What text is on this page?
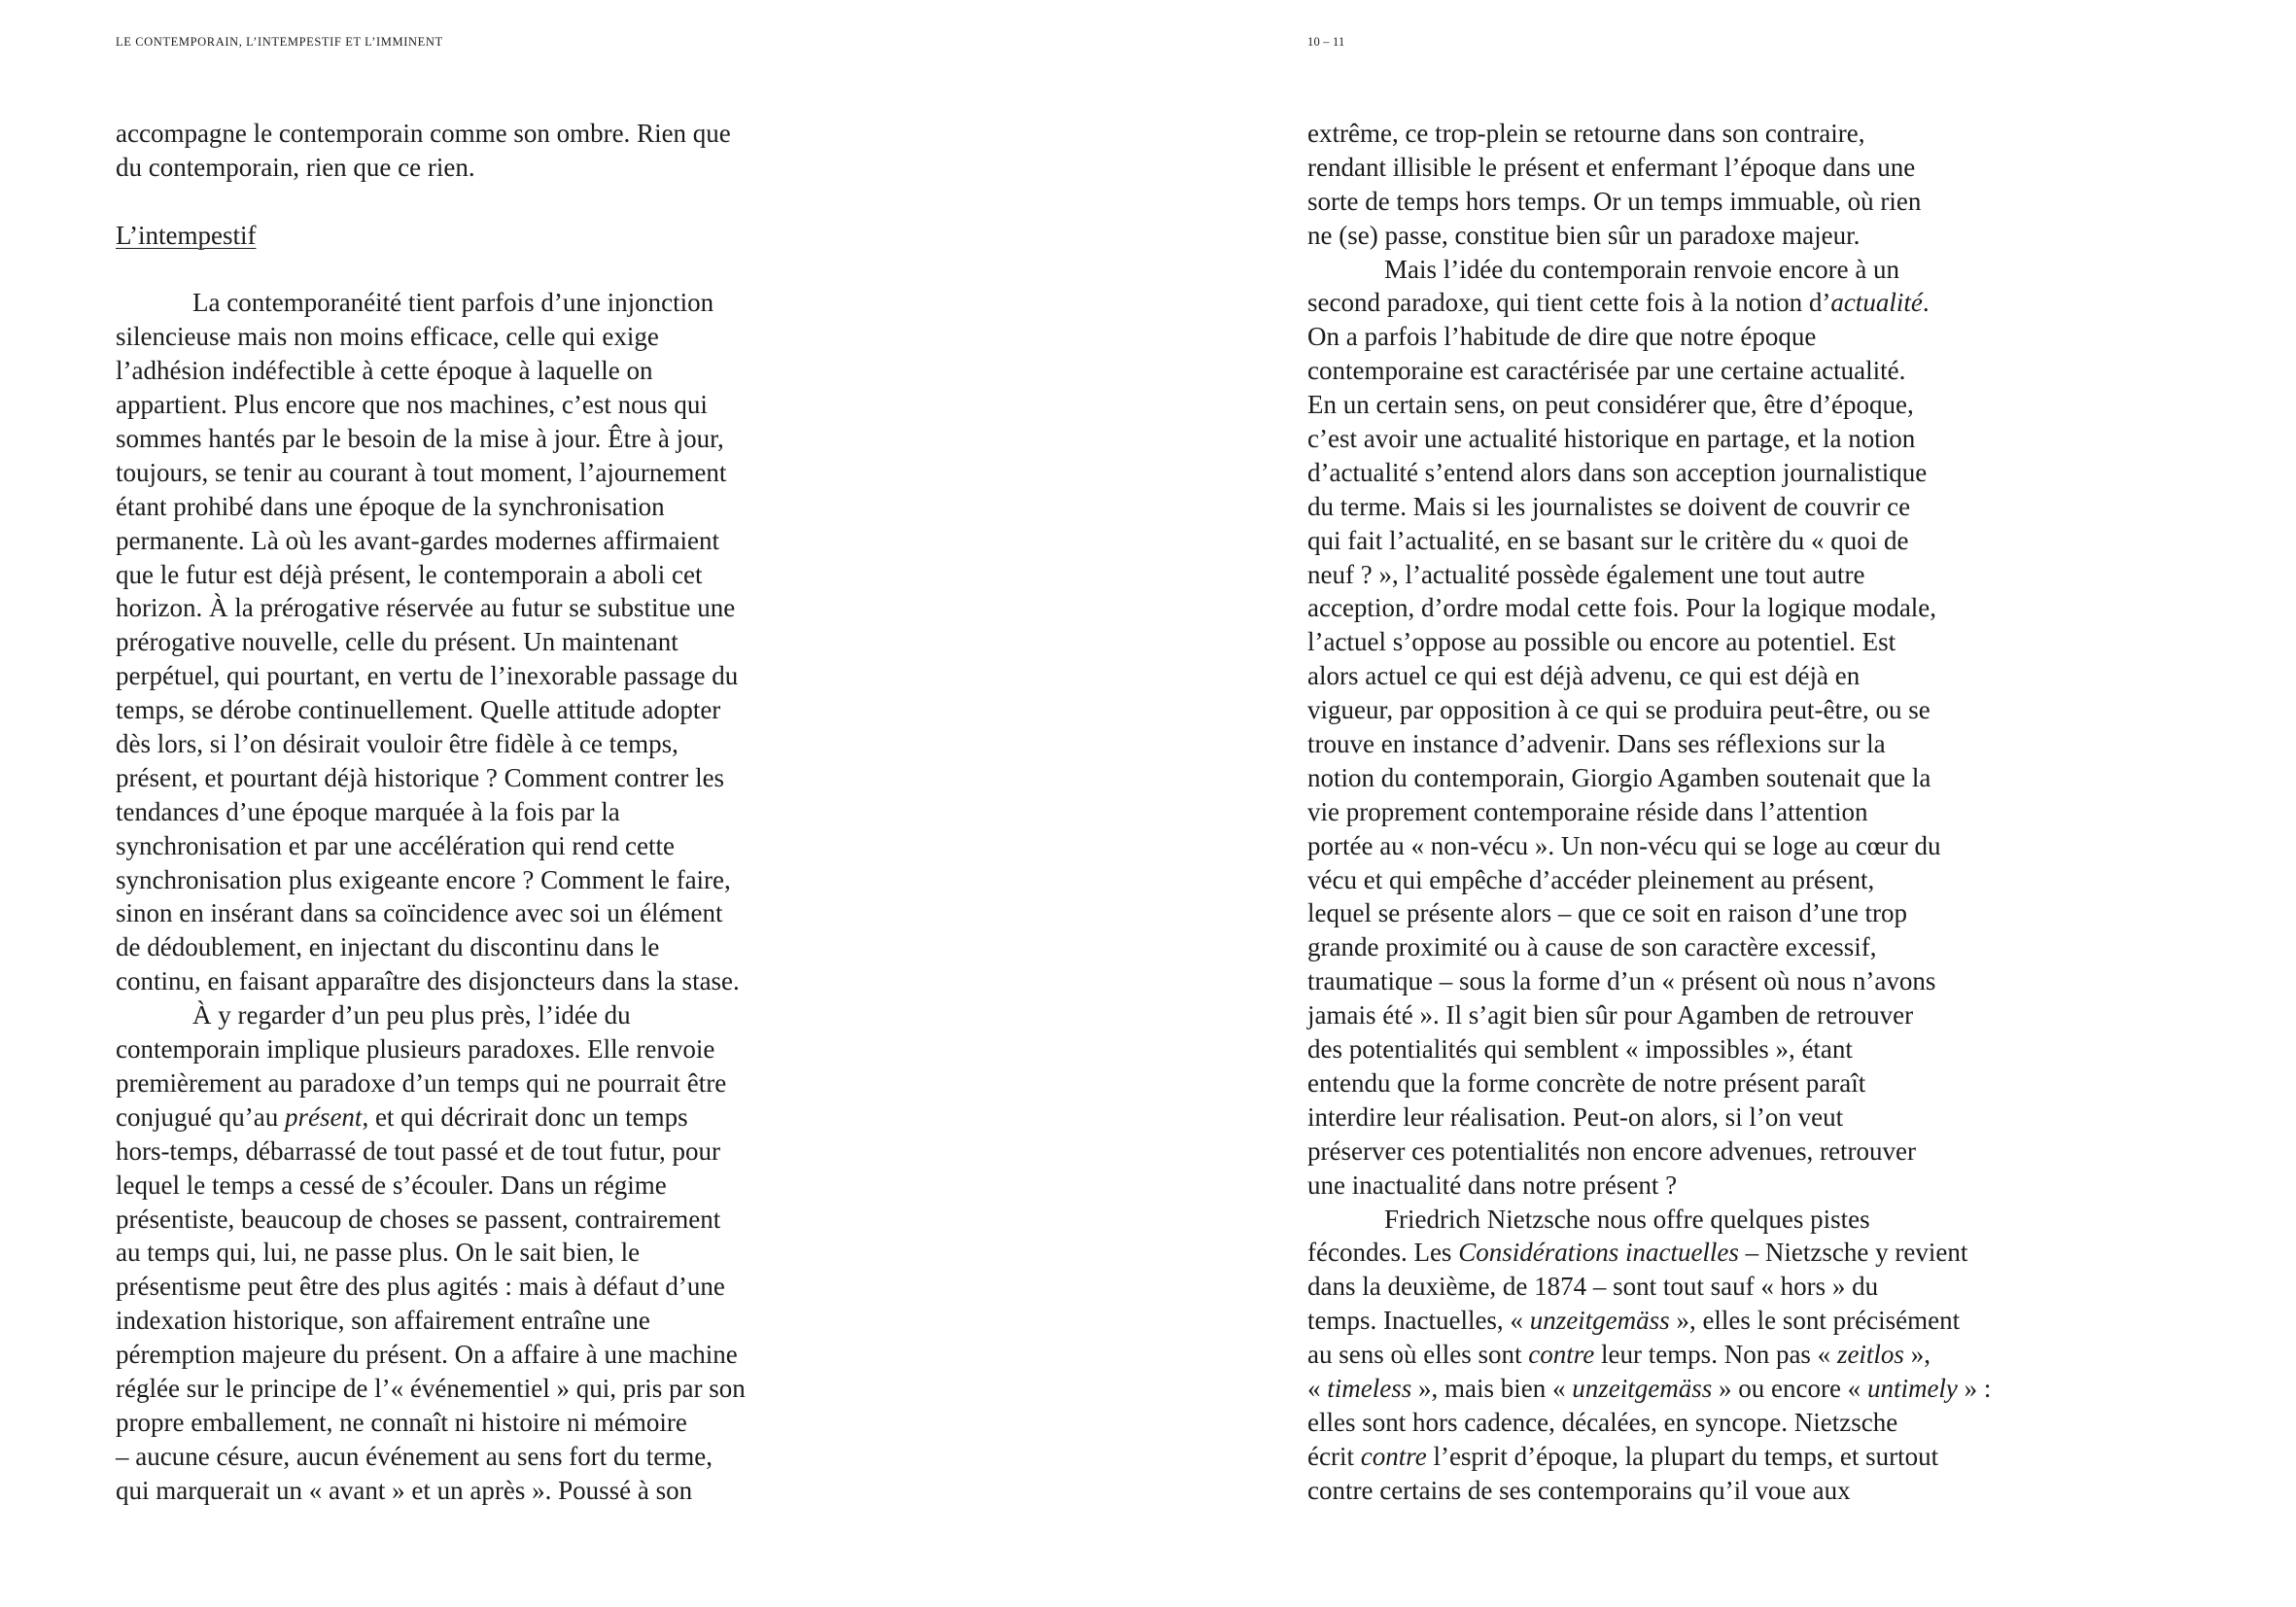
LE CONTEMPORAIN, L’INTEMPESTIF ET L’IMMINENT	10 – 11
accompagne le contemporain comme son ombre. Rien que
du contemporain, rien que ce rien.
L’intempestif
La contemporanéité tient parfois d’une injonction
silencieuse mais non moins efficace, celle qui exige
l’adhésion indéfectible à cette époque à laquelle on
appartient. Plus encore que nos machines, c’est nous qui
sommes hantés par le besoin de la mise à jour. Être à jour,
toujours, se tenir au courant à tout moment, l’ajournement
étant prohibé dans une époque de la synchronisation
permanente. Là où les avant-gardes modernes affirmaient
que le futur est déjà présent, le contemporain a aboli cet
horizon. À la prérogative réservée au futur se substitue une
prérogative nouvelle, celle du présent. Un maintenant
perpétuel, qui pourtant, en vertu de l’inexorable passage du
temps, se dérobe continuellement. Quelle attitude adopter
dès lors, si l’on désirait vouloir être fidèle à ce temps,
présent, et pourtant déjà historique ? Comment contrer les
tendances d’une époque marquée à la fois par la
synchronisation et par une accélération qui rend cette
synchronisation plus exigeante encore ? Comment le faire,
sinon en insérant dans sa coïncidence avec soi un élément
de dédoublement, en injectant du discontinu dans le
continu, en faisant apparaître des disjoncteurs dans la stase.
À y regarder d’un peu plus près, l’idée du
contemporain implique plusieurs paradoxes. Elle renvoie
premièrement au paradoxe d’un temps qui ne pourrait être
conjugué qu’au présent, et qui décrirait donc un temps
hors-temps, débarrassé de tout passé et de tout futur, pour
lequel le temps a cessé de s’écouler. Dans un régime
présentiste, beaucoup de choses se passent, contrairement
au temps qui, lui, ne passe plus. On le sait bien, le
présentisme peut être des plus agités : mais à défaut d’une
indexation historique, son affairement entraîne une
péremption majeure du présent. On a affaire à une machine
réglée sur le principe de l’« événementiel » qui, pris par son
propre emballement, ne connaît ni histoire ni mémoire
– aucune césure, aucun événement au sens fort du terme,
qui marquerait un « avant » et un après ». Poussé à son
extrême, ce trop-plein se retourne dans son contraire,
rendant illisible le présent et enfermant l’époque dans une
sorte de temps hors temps. Or un temps immuable, où rien
ne (se) passe, constitue bien sûr un paradoxe majeur.
Mais l’idée du contemporain renvoie encore à un
second paradoxe, qui tient cette fois à la notion d’actualité.
On a parfois l’habitude de dire que notre époque
contemporaine est caractérisée par une certaine actualité.
En un certain sens, on peut considérer que, être d’époque,
c’est avoir une actualité historique en partage, et la notion
d’actualité s’entend alors dans son acception journalistique
du terme. Mais si les journalistes se doivent de couvrir ce
qui fait l’actualité, en se basant sur le critère du « quoi de
neuf ? », l’actualité possède également une tout autre
acception, d’ordre modal cette fois. Pour la logique modale,
l’actuel s’oppose au possible ou encore au potentiel. Est
alors actuel ce qui est déjà advenu, ce qui est déjà en
vigueur, par opposition à ce qui se produira peut-être, ou se
trouve en instance d’advenir. Dans ses réflexions sur la
notion du contemporain, Giorgio Agamben soutenait que la
vie proprement contemporaine réside dans l’attention
portée au « non-vécu ». Un non-vécu qui se loge au cœur du
vécu et qui empêche d’accéder pleinement au présent,
lequel se présente alors – que ce soit en raison d’une trop
grande proximité ou à cause de son caractère excessif,
traumatique – sous la forme d’un « présent où nous n’avons
jamais été ». Il s’agit bien sûr pour Agamben de retrouver
des potentialités qui semblent « impossibles », étant
entendu que la forme concrète de notre présent paraît
interdire leur réalisation. Peut-on alors, si l’on veut
préserver ces potentialités non encore advenues, retrouver
une inactualité dans notre présent ?
Friedrich Nietzsche nous offre quelques pistes
fécondes. Les Considérations inactuelles – Nietzsche y revient
dans la deuxième, de 1874 – sont tout sauf « hors » du
temps. Inactuelles, « unzeitgemäss », elles le sont précisément
au sens où elles sont contre leur temps. Non pas « zeitlos »,
« timeless », mais bien « unzeitgemäss » ou encore « untimely » :
elles sont hors cadence, décalées, en syncope. Nietzsche
écrit contre l’esprit d’époque, la plupart du temps, et surtout
contre certains de ses contemporains qu’il voue aux
